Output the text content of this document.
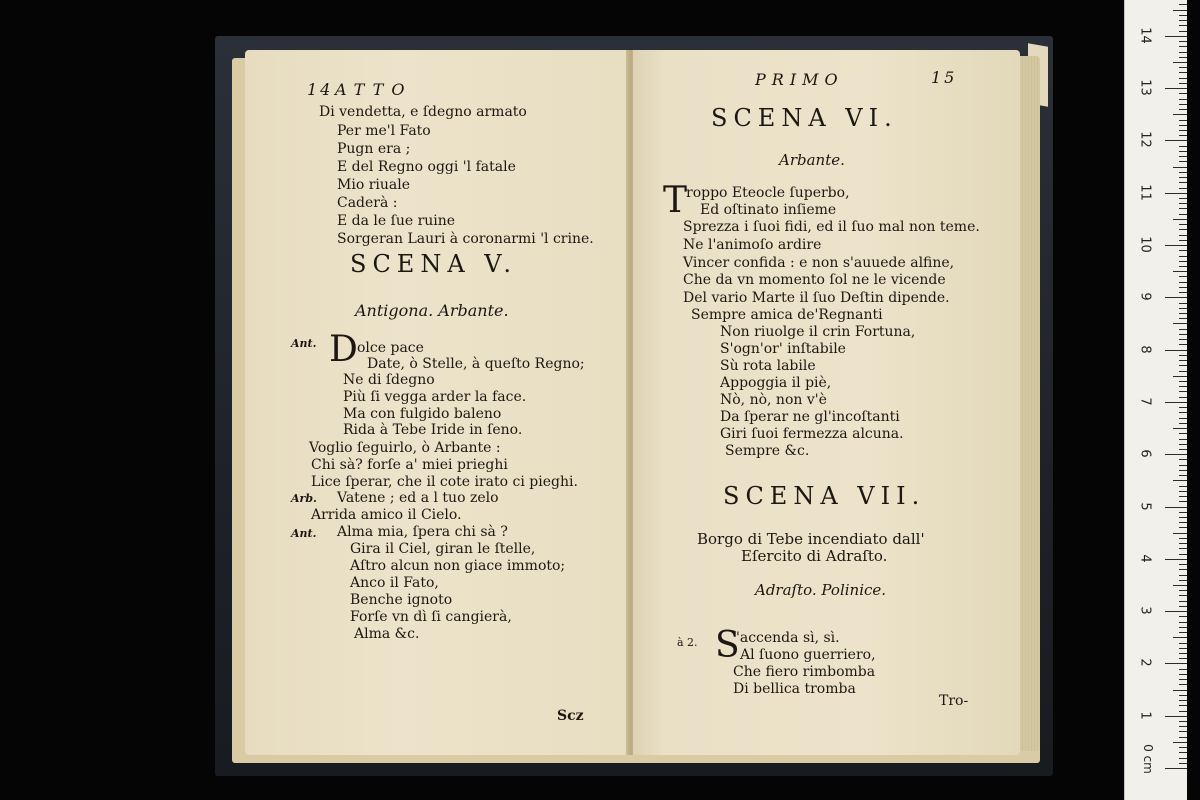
14 ATTO
Di vendetta, e ſdegno armato
Per me'l Fato
Pugn era ;
E del Regno oggi 'l fatale
Mio riuale
Caderà :
E da le ſue ruine
Sorgeran Lauri à coronarmi 'l crine.
SCENA V.
Antigona. Arbante.
Ant. D olce pace
Date, ò Stelle, à queſto Regno;
Ne di ſdegno
Più ſi vegga arder la face.
Ma con fulgido baleno
Rida à Tebe Iride in ſeno.
Voglio ſeguirlo, ò Arbante :
Chi sà? forſe a' miei prieghi
Lice ſperar, che il cote irato ci pieghi.
Arb. Vatene ; ed a l tuo zelo
Arrida amico il Cielo.
Ant. Alma mia, ſpera chi sà ?
Gira il Ciel, giran le ſtelle,
Aſtro alcun non giace immoto;
Anco il Fato,
Benche ignoto
Forſe vn dì ſi cangierà,
Alma &c.
Scz
PRIMO	15
SCENA VI.
Arbante.
T
roppo Eteocle ſuperbo,
Ed oſtinato inſieme
Sprezza i ſuoi fidi, ed il ſuo mal non teme.
Ne l'animoſo ardire
Vincer confida : e non s'auuede alfine,
Che da vn momento ſol ne le vicende
Del vario Marte il ſuo Deſtin dipende.
Sempre amica de'Regnanti
Non riuolge il crin Fortuna,
S'ogn'or' inſtabile
Sù rota labile
Appoggia il piè,
Nò, nò, non v'è
Da ſperar ne gl'incoſtanti
Giri ſuoi fermezza alcuna.
Sempre &c.
SCENA VII.
Borgo di Tebe incendiato dall'
Eſercito di Adraſto.
Adraſto. Polinice.
à 2. S
'accenda sì, sì.
Al ſuono guerriero,
Che fiero rimbomba
Di bellica tromba
Tro-
0 cm
1
2
3
4
5
6
7
8
9
10
11
12
13
14
